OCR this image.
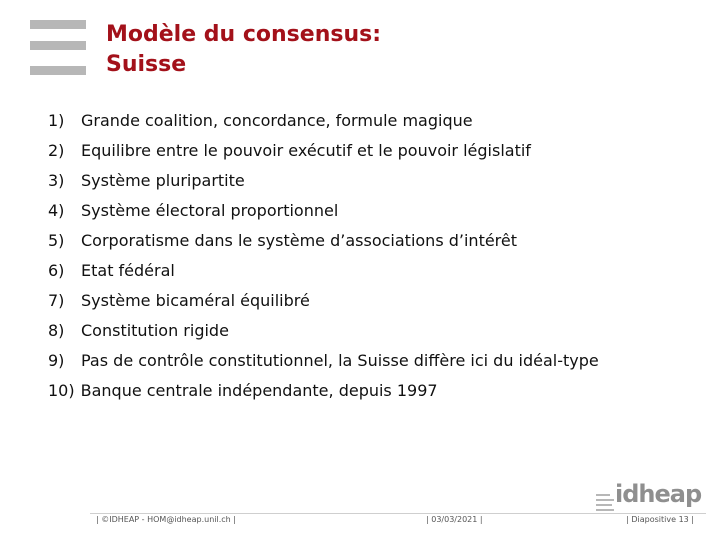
Modèle du consensus:
Suisse
1) Grande coalition, concordance, formule magique
2) Equilibre entre le pouvoir exécutif et le pouvoir législatif
3) Système pluripartite
4) Système électoral proportionnel
5) Corporatisme dans le système d’associations d’intérêt
6) Etat fédéral
7) Système bicaméral équilibré
8) Constitution rigide
9) Pas de contrôle constitutionnel, la Suisse diffère ici du idéal-type
10) Banque centrale indépendante, depuis 1997
idheap
| ©IDHEAP - HOM@idheap.unil.ch |	| 03/03/2021 |	| Diapositive 13 |
